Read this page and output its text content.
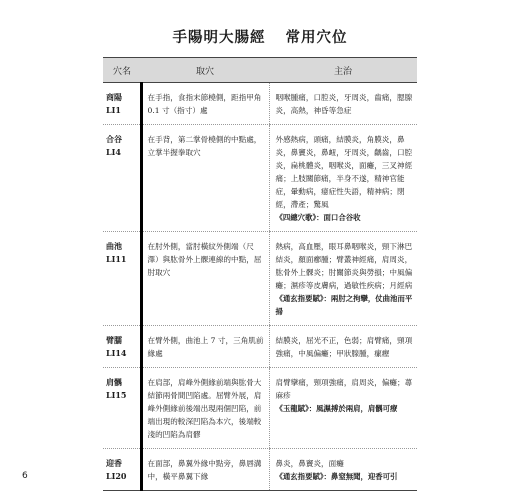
手陽明大腸經 常用穴位
穴名	取穴	主治

商陽
LI1	在手指，食指末節橈側，距指甲角 0.1 寸（指寸）處	咽喉腫痛，口腔炎，牙周炎，齒痛，腮腺炎，高熱，神昏等急症

合谷
LI4	在手背，第二掌骨橈側的中點處，立掌半握拳取穴	外感熱病，頭痛，結膜炎，角膜炎，鼻炎，鼻竇炎，鼻衄，牙周炎，齲齒，口腔炎，扁桃體炎，咽喉炎，面癱，三叉神經痛；上肢關節痛，半身不遂，精神官能症，暈動病，癔症性失語，精神病；閉經，滯產；驚風
《四總穴歌》：面口合谷收

曲池
LI11	在肘外側，當肘橫紋外側端（尺澤）與肱骨外上髁連線的中點，屈肘取穴	熱病，高血壓，眼耳鼻咽喉炎，頸下淋巴結炎，顏面癤腫；臂叢神經痛，肩周炎，肱骨外上髁炎；肘關節炎與勞損；中風偏癱；濕疹等皮膚病，過敏性疾病；月經病
《通玄指要賦》：兩肘之拘攣，仗曲池而平掃

臂臑
LI14	在臂外側，曲池上 7 寸，三角肌前緣處	結膜炎，屈光不正，色弱；肩臂痛，頸項強痛，中風偏癱；甲狀腺腫，瘰癧

肩髃
LI15	在肩部，肩峰外側緣前端與肱骨大結節兩骨間凹陷處。屈臂外展，肩峰外側緣前後端出現兩個凹陷，前端出現的較深凹陷為本穴，後端較淺的凹陷為肩髎	肩臂攣痛，頸項強痛，肩周炎，偏癱；蕁麻疹
《玉龍賦》：風濕搏於兩肩，肩髃可療

迎香
LI20	在面部，鼻翼外緣中點旁，鼻唇溝中，橫平鼻翼下緣	鼻炎，鼻竇炎，面癱
《通玄指要賦》：鼻窒無聞，迎香可引
6
